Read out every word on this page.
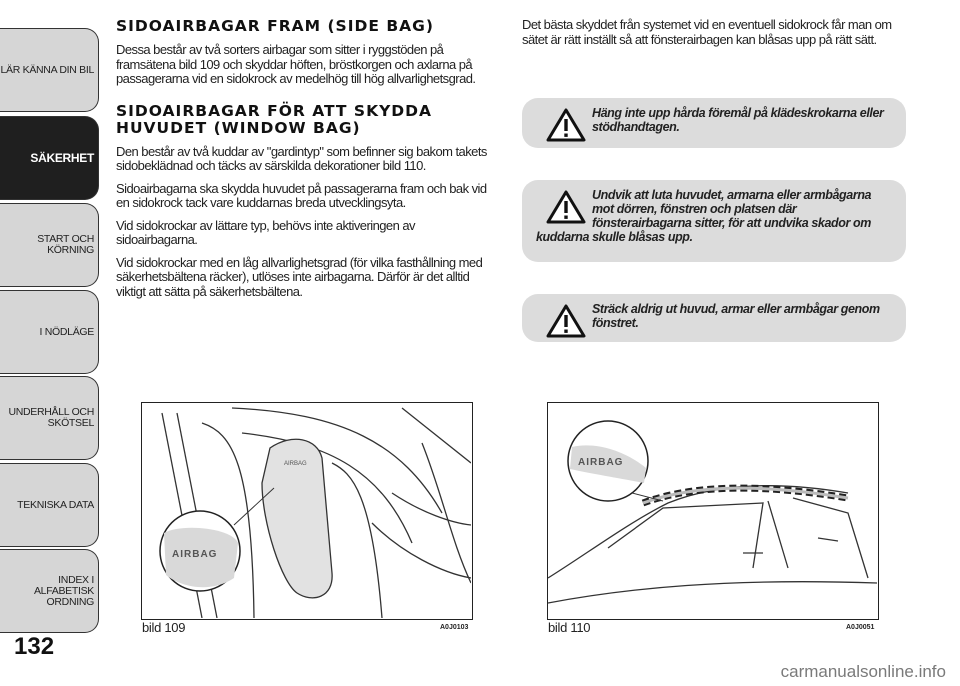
LÄR KÄNNA DIN BIL
SÄKERHET
START OCH KÖRNING
I NÖDLÄGE
UNDERHÅLL OCH SKÖTSEL
TEKNISKA DATA
INDEX I ALFABETISK ORDNING
132
SIDOAIRBAGAR FRAM (SIDE BAG)

Dessa består av två sorters airbagar som sitter i ryggstöden på framsätena bild 109 och skyddar höften, bröstkorgen och axlarna på passagerarna vid en sidokrock av medelhög till hög allvarlighetsgrad.

SIDOAIRBAGAR FÖR ATT SKYDDA HUVUDET (WINDOW BAG)

Den består av två kuddar av "gardintyp" som befinner sig bakom takets sidobeklädnad och täcks av särskilda dekorationer bild 110.

Sidoairbagarna ska skydda huvudet på passagerarna fram och bak vid en sidokrock tack vare kuddarnas breda utvecklingsyta.

Vid sidokrockar av lättare typ, behövs inte aktiveringen av sidoairbagarna.

Vid sidokrockar med en låg allvarlighetsgrad (för vilka fasthållning med säkerhetsbältena räcker), utlöses inte airbagarna. Därför är det alltid viktigt att sätta på säkerhetsbältena.

Det bästa skyddet från systemet vid en eventuell sidokrock får man om sätet är rätt inställt så att fönsterairbagen kan blåsas upp på rätt sätt.

Häng inte upp hårda föremål på klädeskrokarna eller stödhandtagen.
Undvik att luta huvudet, armarna eller armbågarna mot dörren, fönstren och platsen där fönsterairbagarna sitter, för att undvika skador om kuddarna skulle blåsas upp.
Sträck aldrig ut huvud, armar eller armbågar genom fönstret.
AIRBAG
AIRBAG
bild 109	A0J0103
AIRBAG
bild 110	A0J0051
carmanualsonline.info
